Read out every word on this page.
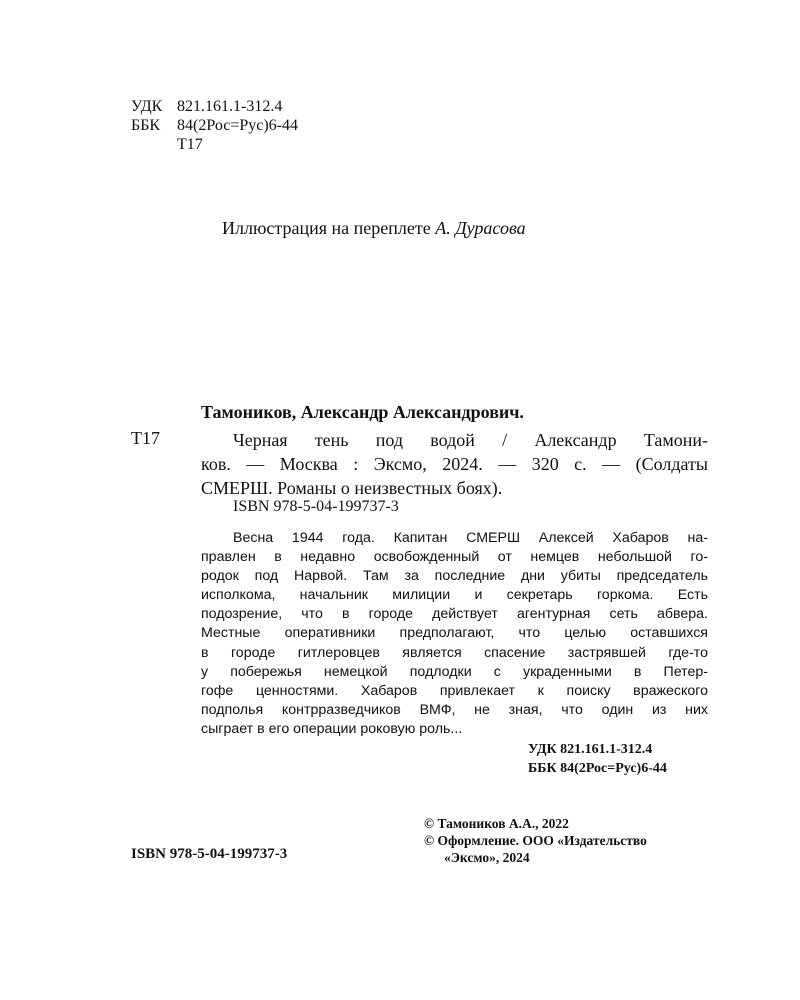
УДК 821.161.1-312.4
ББК 84(2Рос=Рус)6-44
Т17
Иллюстрация на переплете А. Дурасова
Тамоников, Александр Александрович.
Т17	Черная тень под водой / Александр Тамони-
ков. — Москва : Эксмо, 2024. — 320 с. — (Солдаты
СМЕРШ. Романы о неизвестных боях).
ISBN 978-5-04-199737-3
Весна 1944 года. Капитан СМЕРШ Алексей Хабаров на-
правлен в недавно освобожденный от немцев небольшой го-
родок под Нарвой. Там за последние дни убиты председатель
исполкома, начальник милиции и секретарь горкома. Есть
подозрение, что в городе действует агентурная сеть абвера.
Местные оперативники предполагают, что целью оставшихся
в городе гитлеровцев является спасение застрявшей где-то
у побережья немецкой подлодки с украденными в Петер-
гофе ценностями. Хабаров привлекает к поиску вражеского
подполья контрразведчиков ВМФ, не зная, что один из них
сыграет в его операции роковую роль...
УДК 821.161.1-312.4
ББК 84(2Рос=Рус)6-44
© Тамоников А.А., 2022
© Оформление. ООО «Издательство
«Эксмо», 2024
ISBN 978-5-04-199737-3
